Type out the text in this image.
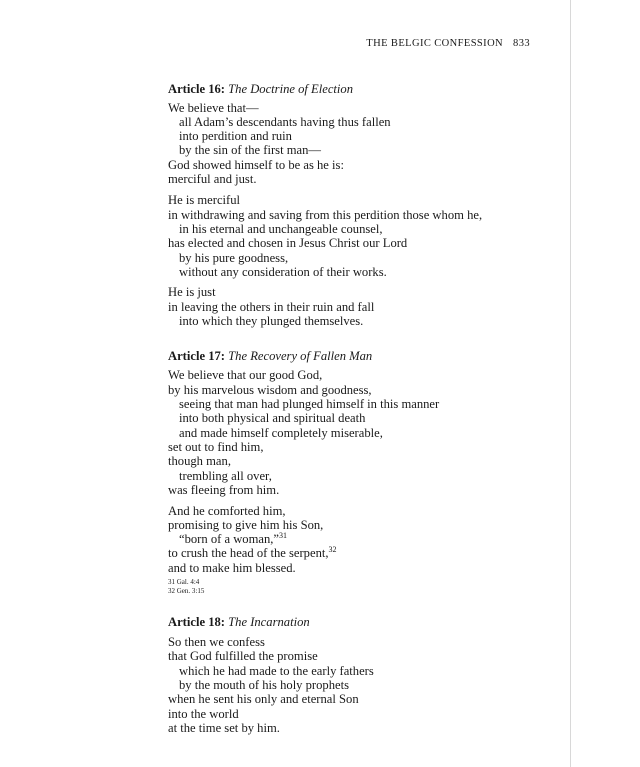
THE BELGIC CONFESSION 833
Article 16: The Doctrine of Election
We believe that—
all Adam’s descendants having thus fallen
into perdition and ruin
by the sin of the first man—
God showed himself to be as he is:
merciful and just.
He is merciful
in withdrawing and saving from this perdition those whom he,
in his eternal and unchangeable counsel,
has elected and chosen in Jesus Christ our Lord
by his pure goodness,
without any consideration of their works.
He is just
in leaving the others in their ruin and fall
into which they plunged themselves.
Article 17: The Recovery of Fallen Man
We believe that our good God,
by his marvelous wisdom and goodness,
seeing that man had plunged himself in this manner
into both physical and spiritual death
and made himself completely miserable,
set out to find him,
though man,
trembling all over,
was fleeing from him.
And he comforted him,
promising to give him his Son,
“born of a woman,”$^{31}$
to crush the head of the serpent,$^{32}$
and to make him blessed.
31 Gal. 4:4
32 Gen. 3:15
Article 18: The Incarnation
So then we confess
that God fulfilled the promise
which he had made to the early fathers
by the mouth of his holy prophets
when he sent his only and eternal Son
into the world
at the time set by him.
